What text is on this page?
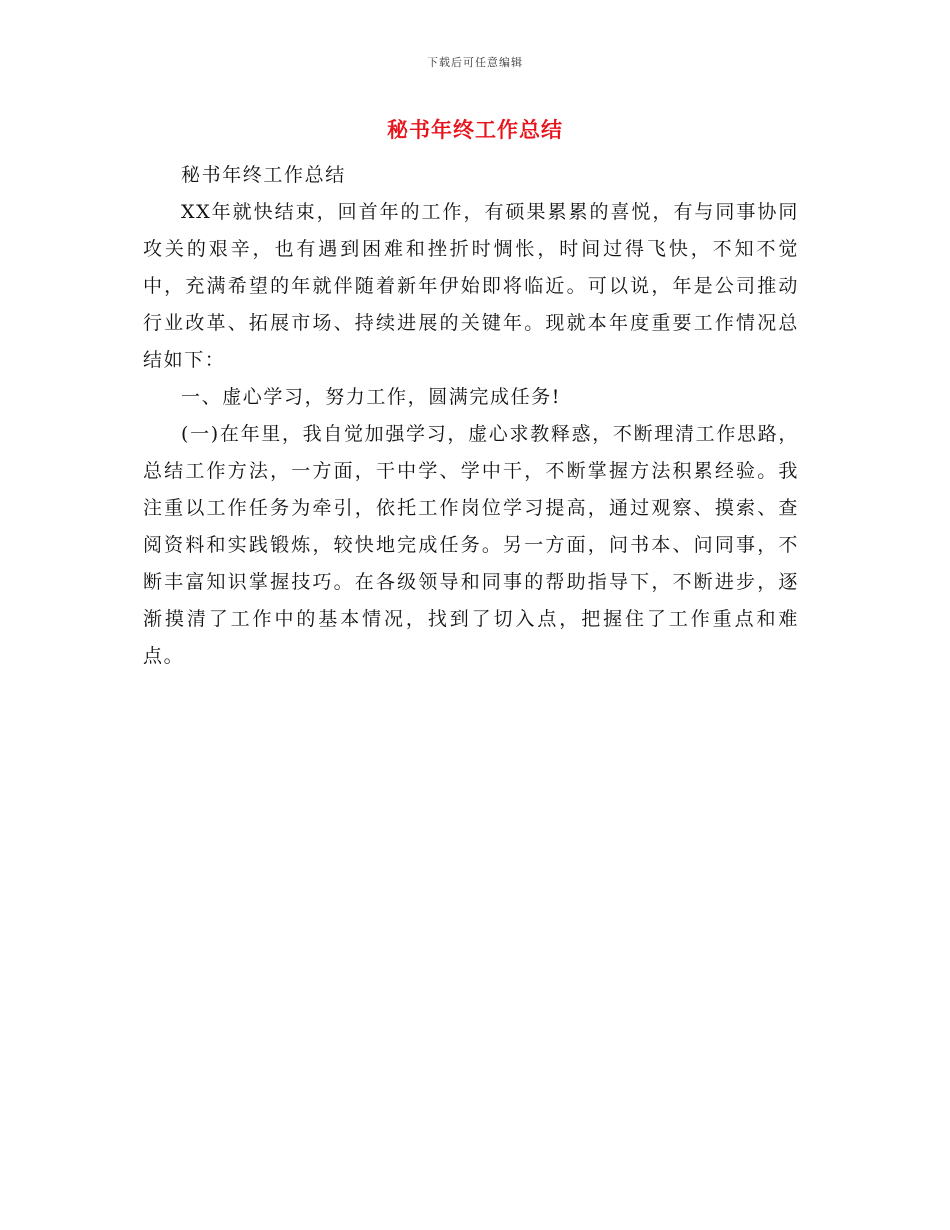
下载后可任意编辑
秘书年终工作总结

秘书年终工作总结

XX年就快结束，回首年的工作，有硕果累累的喜悦，有与同事协同攻关的艰辛，也有遇到困难和挫折时惆怅，时间过得飞快，不知不觉中，充满希望的年就伴随着新年伊始即将临近。可以说，年是公司推动行业改革、拓展市场、持续进展的关键年。现就本年度重要工作情况总结如下：

一、虚心学习，努力工作，圆满完成任务!

(一)在年里，我自觉加强学习，虚心求教释惑，不断理清工作思路，总结工作方法，一方面，干中学、学中干，不断掌握方法积累经验。我注重以工作任务为牵引，依托工作岗位学习提高，通过观察、摸索、查阅资料和实践锻炼，较快地完成任务。另一方面，问书本、问同事，不断丰富知识掌握技巧。在各级领导和同事的帮助指导下，不断进步，逐渐摸清了工作中的基本情况，找到了切入点，把握住了工作重点和难点。
